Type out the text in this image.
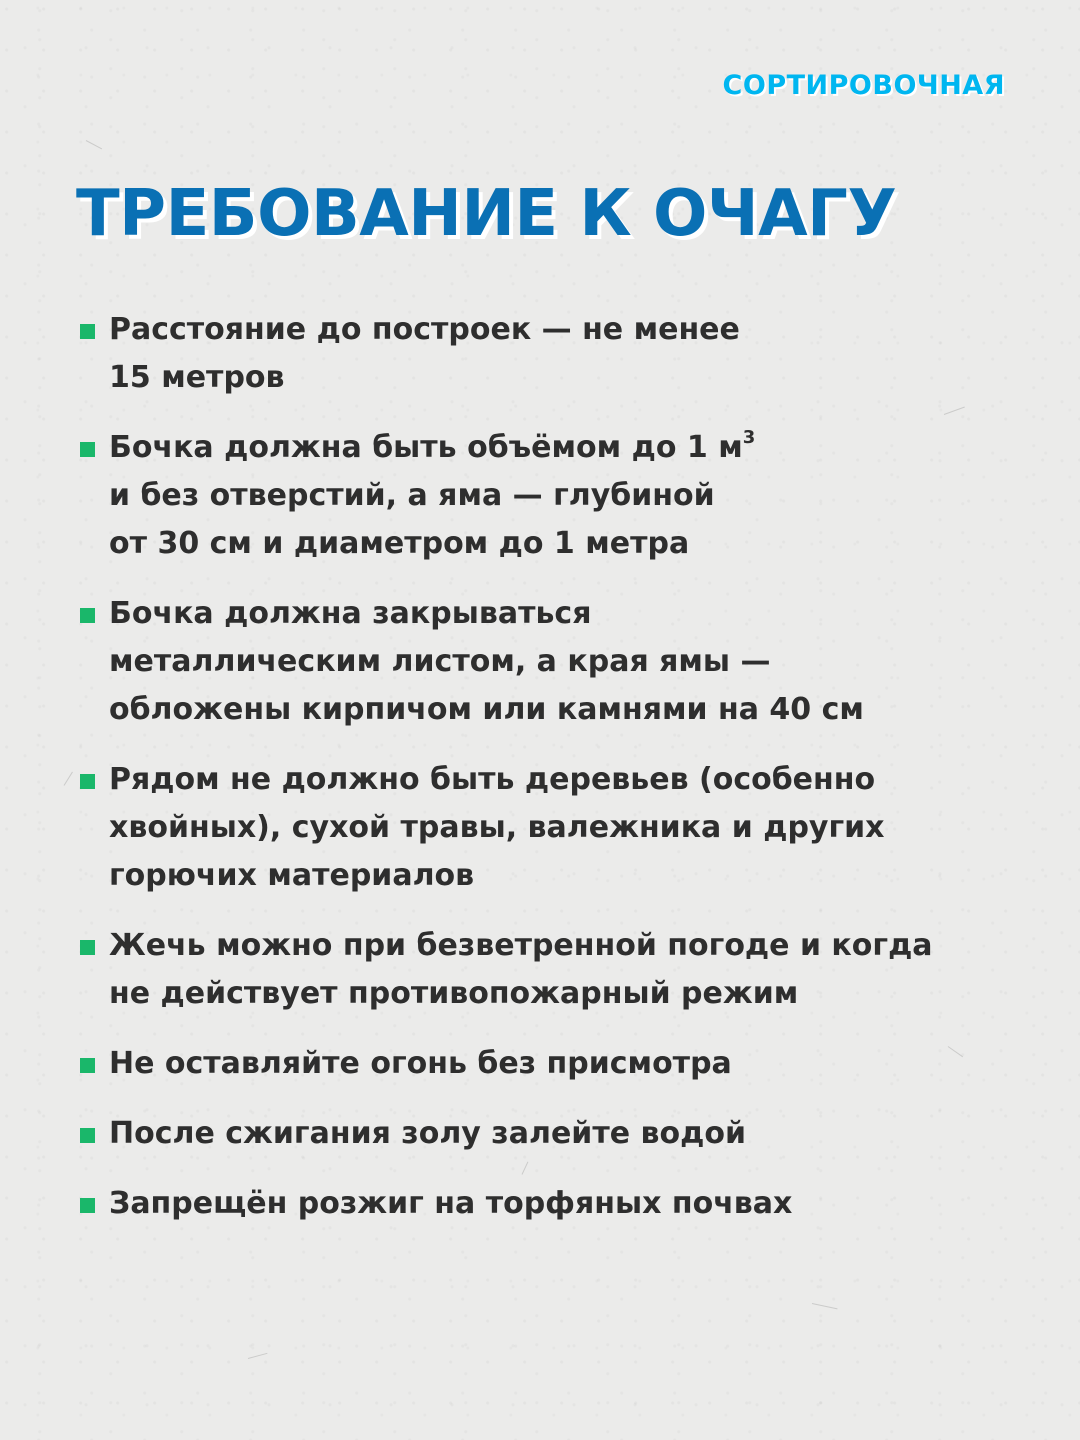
СОРТИРОВОЧНАЯ
ТРЕБОВАНИЕ К ОЧАГУ
Расстояние до построек — не менее
15 метров
Бочка должна быть объёмом до 1 $м^3$
и без отверстий, а яма — глубиной
от 30 см и диаметром до 1 метра
Бочка должна закрываться
металлическим листом, а края ямы —
обложены кирпичом или камнями на 40 см
Рядом не должно быть деревьев (особенно
хвойных), сухой травы, валежника и других
горючих материалов
Жечь можно при безветренной погоде и когда
не действует противопожарный режим
Не оставляйте огонь без присмотра
После сжигания золу залейте водой
Запрещён розжиг на торфяных почвах
